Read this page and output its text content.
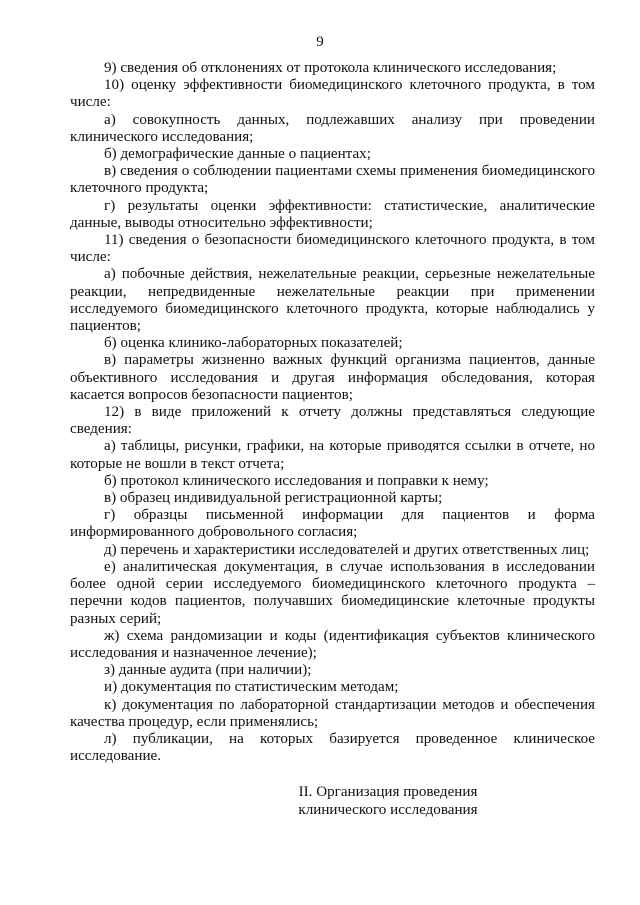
9

9) сведения об отклонениях от протокола клинического исследования;

10) оценку эффективности биомедицинского клеточного продукта, в том числе:

а) совокупность данных, подлежавших анализу при проведении клинического исследования;

б) демографические данные о пациентах;

в) сведения о соблюдении пациентами схемы применения биомедицинского клеточного продукта;

г) результаты оценки эффективности: статистические, аналитические данные, выводы относительно эффективности;

11) сведения о безопасности биомедицинского клеточного продукта, в том числе:

а) побочные действия, нежелательные реакции, серьезные нежелательные реакции, непредвиденные нежелательные реакции при применении исследуемого биомедицинского клеточного продукта, которые наблюдались у пациентов;

б) оценка клинико-лабораторных показателей;

в) параметры жизненно важных функций организма пациентов, данные объективного исследования и другая информация обследования, которая касается вопросов безопасности пациентов;

12) в виде приложений к отчету должны представляться следующие сведения:

а) таблицы, рисунки, графики, на которые приводятся ссылки в отчете, но которые не вошли в текст отчета;

б) протокол клинического исследования и поправки к нему;

в) образец индивидуальной регистрационной карты;

г) образцы письменной информации для пациентов и форма информированного добровольного согласия;

д) перечень и характеристики исследователей и других ответственных лиц;

е) аналитическая документация, в случае использования в исследовании более одной серии исследуемого биомедицинского клеточного продукта – перечни кодов пациентов, получавших биомедицинские клеточные продукты разных серий;

ж) схема рандомизации и коды (идентификация субъектов клинического исследования и назначенное лечение);

з) данные аудита (при наличии);

и) документация по статистическим методам;

к) документация по лабораторной стандартизации методов и обеспечения качества процедур, если применялись;

л) публикации, на которых базируется проведенное клиническое исследование.

II. Организация проведения
клинического исследования
